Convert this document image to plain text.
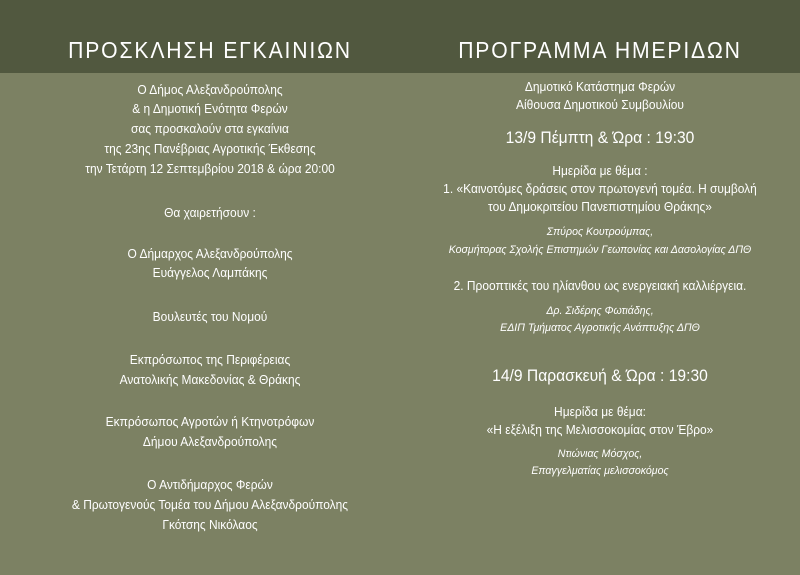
ΠΡΟΣΚΛΗΣΗ ΕΓΚΑΙΝΙΩΝ
Ο Δήμος Αλεξανδρούπολης
& η Δημοτική Ενότητα Φερών
σας προσκαλούν στα εγκαίνια
της 23ης Πανέβριας Αγροτικής Έκθεσης
την Τετάρτη 12 Σεπτεμβρίου 2018 & ώρα 20:00
Θα χαιρετήσουν :
Ο Δήμαρχος Αλεξανδρούπολης
Ευάγγελος Λαμπάκης
Βουλευτές του Νομού
Εκπρόσωπος της Περιφέρειας
Ανατολικής Μακεδονίας & Θράκης
Εκπρόσωπος Αγροτών ή Κτηνοτρόφων
Δήμου Αλεξανδρούπολης
Ο Αντιδήμαρχος Φερών
& Πρωτογενούς Τομέα του Δήμου Αλεξανδρούπολης
Γκότσης Νικόλαος
ΠΡΟΓΡΑΜΜΑ ΗΜΕΡΙΔΩΝ
Δημοτικό Κατάστημα Φερών
Αίθουσα Δημοτικού Συμβουλίου
13/9 Πέμπτη & Ώρα : 19:30
Ημερίδα με θέμα :
1. «Καινοτόμες δράσεις στον πρωτογενή τομέα. Η συμβολή
του Δημοκριτείου Πανεπιστημίου Θράκης»
Σπύρος Κουτρούμπας,
Κοσμήτορας Σχολής Επιστημών Γεωπονίας και Δασολογίας ΔΠΘ
2. Προοπτικές του ηλίανθου ως ενεργειακή καλλιέργεια.
Δρ. Σιδέρης Φωτιάδης,
ΕΔΙΠ Τμήματος Αγροτικής Ανάπτυξης ΔΠΘ
14/9 Παρασκευή & Ώρα : 19:30
Ημερίδα με θέμα:
«Η εξέλιξη της Μελισσοκομίας στον Έβρο»
Ντιώνιας Μόσχος,
Επαγγελματίας μελισσοκόμος
